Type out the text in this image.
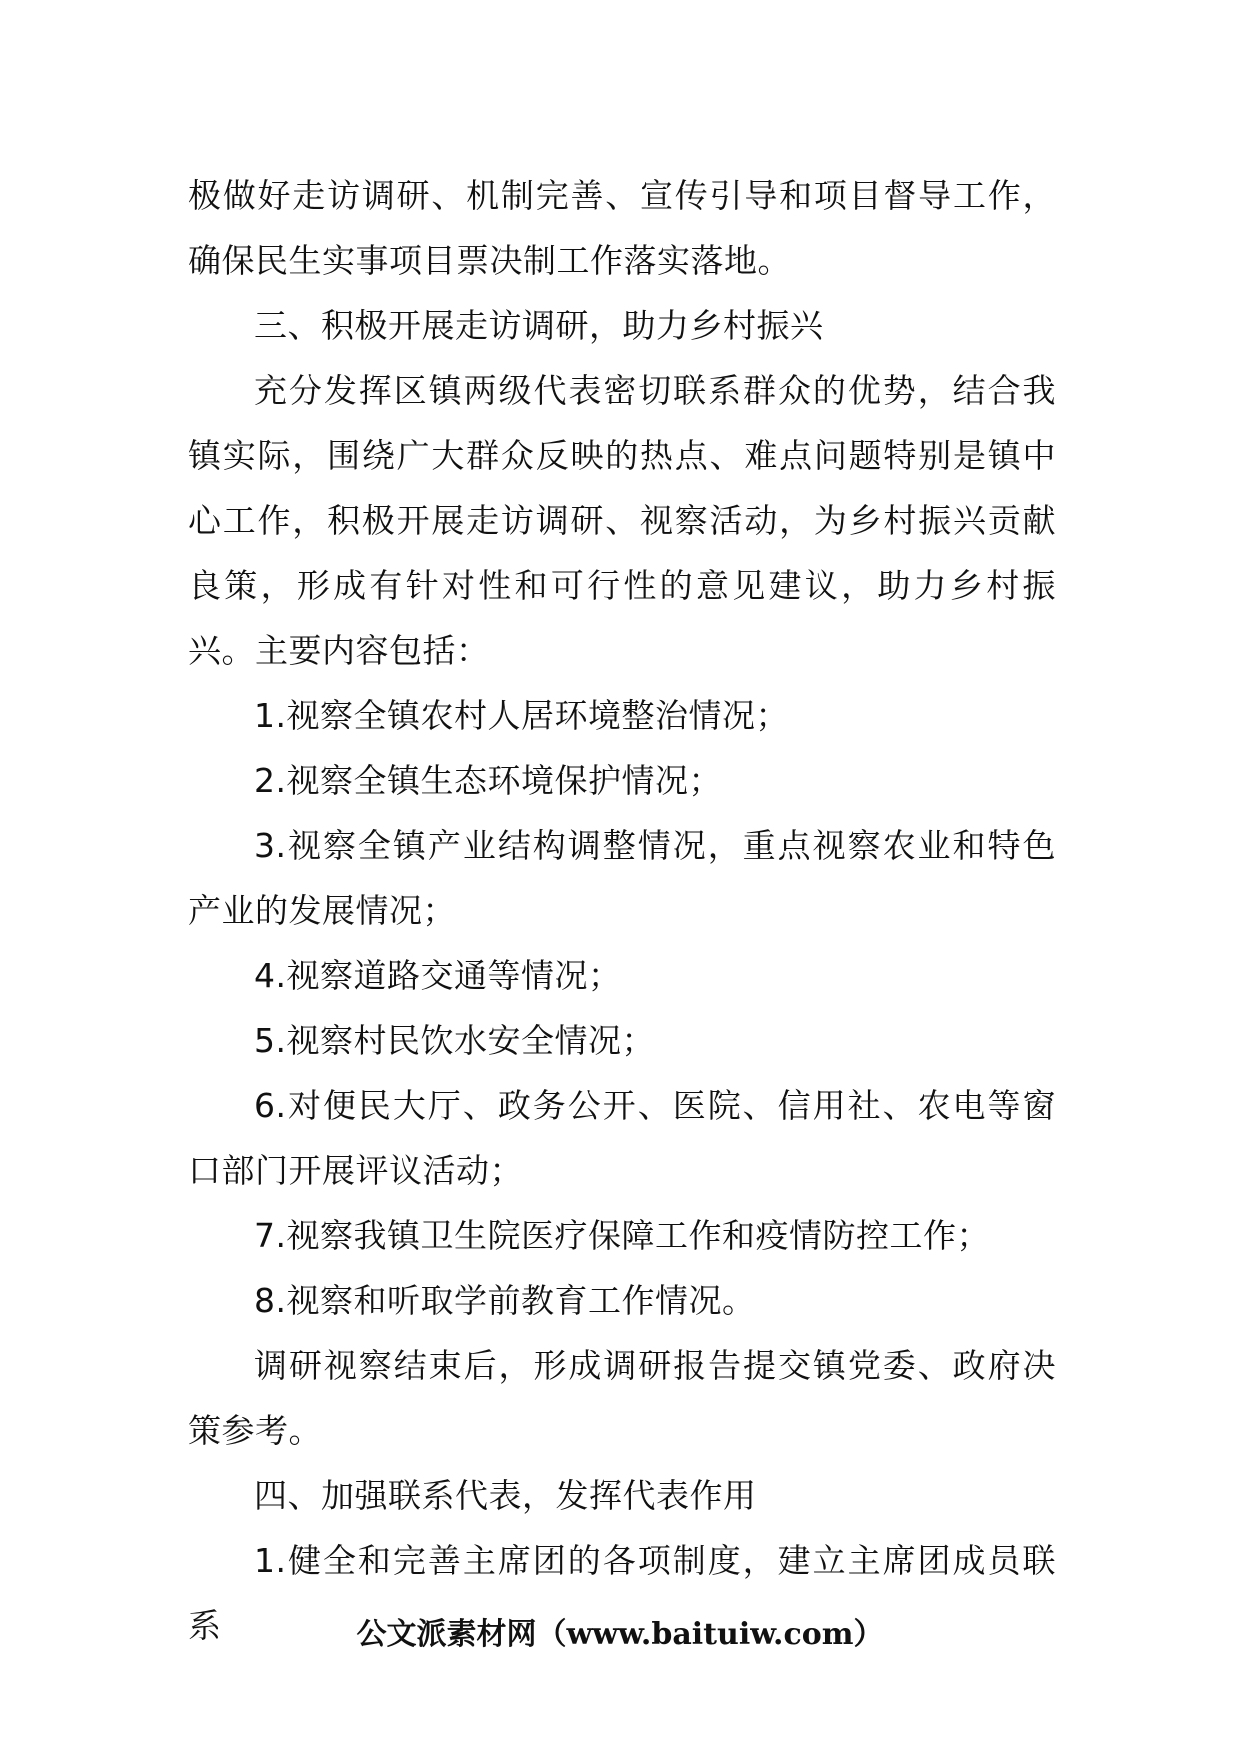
极做好走访调研、机制完善、宣传引导和项目督导工作，确保民生实事项目票决制工作落实落地。

三、积极开展走访调研，助力乡村振兴

充分发挥区镇两级代表密切联系群众的优势，结合我镇实际，围绕广大群众反映的热点、难点问题特别是镇中心工作，积极开展走访调研、视察活动，为乡村振兴贡献良策，形成有针对性和可行性的意见建议，助力乡村振兴。主要内容包括：

1.视察全镇农村人居环境整治情况；

2.视察全镇生态环境保护情况；

3.视察全镇产业结构调整情况，重点视察农业和特色产业的发展情况；

4.视察道路交通等情况；

5.视察村民饮水安全情况；

6.对便民大厅、政务公开、医院、信用社、农电等窗口部门开展评议活动；

7.视察我镇卫生院医疗保障工作和疫情防控工作；

8.视察和听取学前教育工作情况。

调研视察结束后，形成调研报告提交镇党委、政府决策参考。

四、加强联系代表，发挥代表作用

1.健全和完善主席团的各项制度，建立主席团成员联系	公文派素材网（www.baituiw.com）
